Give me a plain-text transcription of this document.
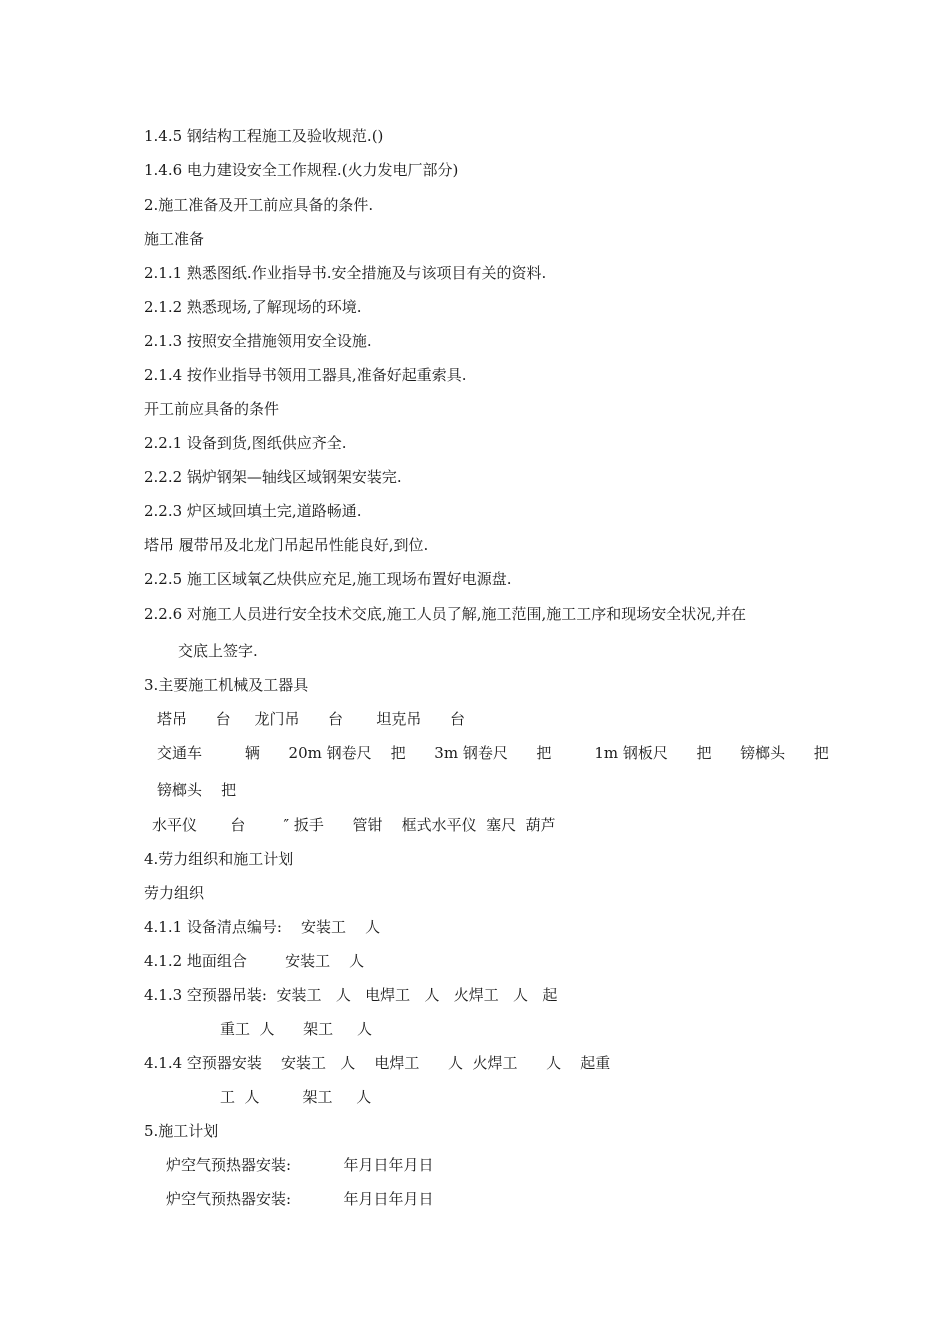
1.4.5 钢结构工程施工及验收规范.()
1.4.6 电力建设安全工作规程.(火力发电厂部分)
2.施工准备及开工前应具备的条件.
施工准备
2.1.1 熟悉图纸.作业指导书.安全措施及与该项目有关的资料.
2.1.2 熟悉现场,了解现场的环境.
2.1.3 按照安全措施领用安全设施.
2.1.4 按作业指导书领用工器具,准备好起重索具.
开工前应具备的条件
2.2.1 设备到货,图纸供应齐全.
2.2.2 锅炉钢架—轴线区域钢架安装完.
2.2.3 炉区域回填土完,道路畅通.
塔吊 履带吊及北龙门吊起吊性能良好,到位.
2.2.5 施工区域氧乙炔供应充足,施工现场布置好电源盘.
2.2.6 对施工人员进行安全技术交底,施工人员了解,施工范围,施工工序和现场安全状况,并在
交底上签字.
3.主要施工机械及工器具
塔吊      台     龙门吊      台       坦克吊      台
交通车         辆      20m 钢卷尺    把      3m 钢卷尺      把         1m 钢板尺      把      镑榔头      把
镑榔头    把
水平仪       台        ″ 扳手      管钳    框式水平仪  塞尺  葫芦
4.劳力组织和施工计划
劳力组织
4.1.1 设备清点编号:    安装工    人
4.1.2 地面组合        安装工    人
4.1.3 空预器吊装:  安装工   人   电焊工   人   火焊工   人   起
重工  人      架工     人
4.1.4 空预器安装    安装工   人    电焊工      人  火焊工      人    起重
工  人         架工     人
5.施工计划
炉空气预热器安装:           年月日年月日
炉空气预热器安装:           年月日年月日
